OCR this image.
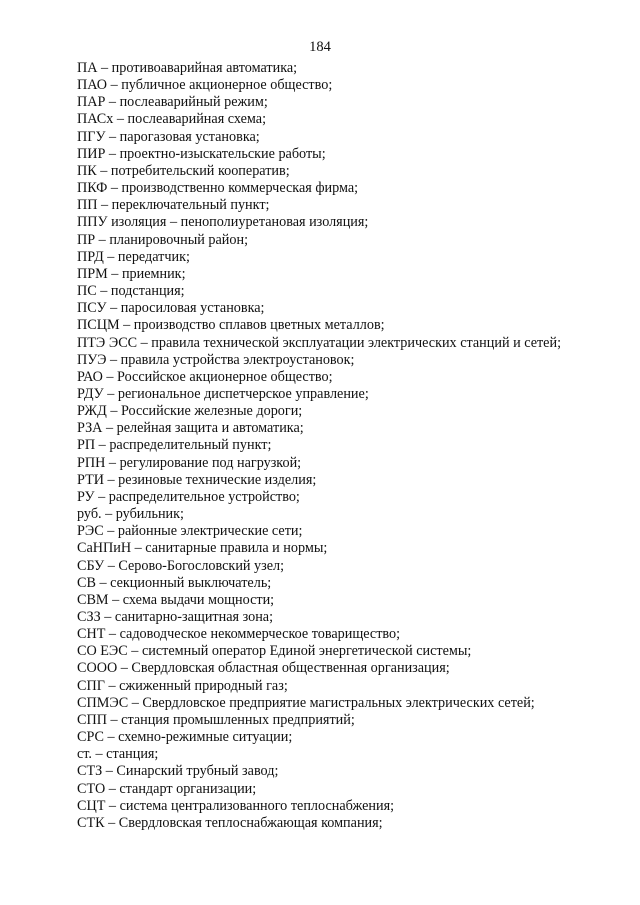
184
ПА – противоаварийная автоматика;
ПАО – публичное акционерное общество;
ПАР – послеаварийный режим;
ПАСх – послеаварийная схема;
ПГУ – парогазовая установка;
ПИР – проектно-изыскательские работы;
ПК – потребительский кооператив;
ПКФ – производственно коммерческая фирма;
ПП – переключательный пункт;
ППУ изоляция – пенополиуретановая изоляция;
ПР – планировочный район;
ПРД – передатчик;
ПРМ – приемник;
ПС – подстанция;
ПСУ – паросиловая установка;
ПСЦМ – производство сплавов цветных металлов;
ПТЭ ЭСС – правила технической эксплуатации электрических станций и сетей;
ПУЭ – правила устройства электроустановок;
РАО – Российское акционерное общество;
РДУ – региональное диспетчерское управление;
РЖД – Российские железные дороги;
РЗА – релейная защита и автоматика;
РП – распределительный пункт;
РПН – регулирование под нагрузкой;
РТИ – резиновые технические изделия;
РУ – распределительное устройство;
руб. – рубильник;
РЭС – районные электрические сети;
СаНПиН – санитарные правила и нормы;
СБУ – Серово-Богословский узел;
СВ – секционный выключатель;
СВМ – схема выдачи мощности;
СЗЗ – санитарно-защитная зона;
СНТ – садоводческое некоммерческое товарищество;
СО ЕЭС – системный оператор Единой энергетической системы;
СООО – Свердловская областная общественная организация;
СПГ – сжиженный природный газ;
СПМЭС – Свердловское предприятие магистральных электрических сетей;
СПП – станция промышленных предприятий;
СРС – схемно-режимные ситуации;
ст. – станция;
СТЗ – Синарский трубный завод;
СТО – стандарт организации;
СЦТ – система централизованного теплоснабжения;
СТК – Свердловская теплоснабжающая компания;
